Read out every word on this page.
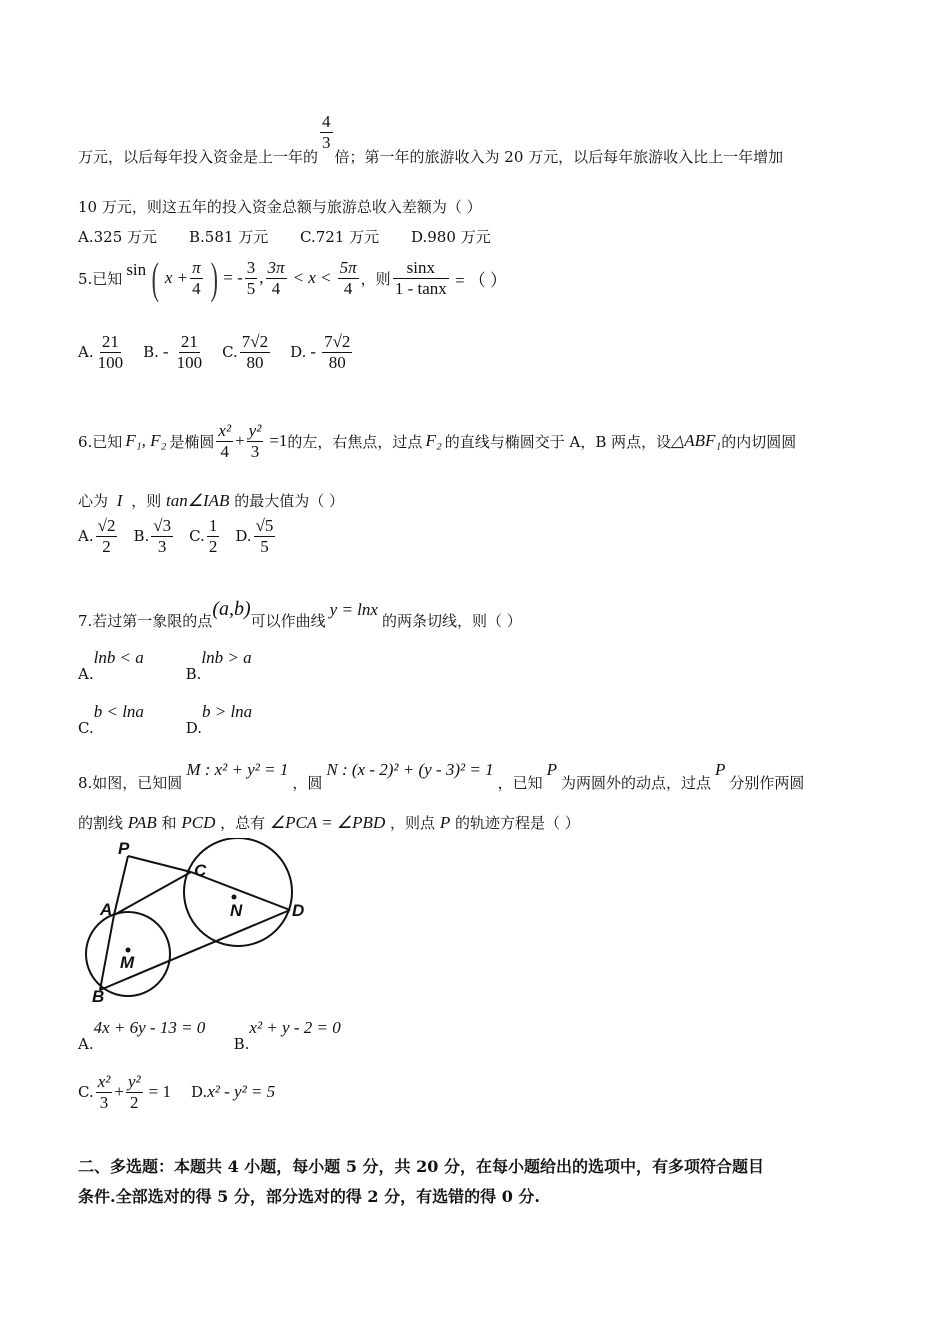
万元，以后每年投入资金是上一年的
$\frac{4}{3}$
倍；第一年的旅游收入为 20 万元，以后每年旅游收入比上一年增加
10 万元，则这五年的投入资金总额与旅游总收入差额为（ ）
A.325 万元 B.581 万元 C.721 万元 D.980 万元
5.已知 sin ( $x + \frac{\pi}{4}$ ) = - $\frac{3}{5}$ , $\frac{3\pi}{4} < x < \frac{5\pi}{4}$ ，则 $\frac{\sin x}{1 - \tan x}$ = （ ）
A. $\frac{21}{100} B$. - $\frac{21}{100} C$. $\frac{7√2}{80} D$. - $\frac{7√2}{80}$
6.已知 F₁, F₂ 是椭圆 $\frac{\text{x²}}{4} + \frac{\text{y²}}{3} =1$ 的左，右焦点，过点 F₂ 的直线与椭圆交于 A，B 两点，设 △ABF₁ 的内切圆圆
心为 I ，则 tan∠IAB 的最大值为（ ）
A. $\frac{√2}{2} B$. $\frac{√3}{3} C$. $\frac{1}{2} D$. $\frac{√5}{5}$
7.若过第一象限的点
(a,b)
可以作曲线
y = lnx
的两条切线，则（ ）
A.lnb < aB.lnb > a
C.b < lnaD.b > lna
8.如图，已知圆
M : x² + y² = 1
，圆
N : (x - 2)² + (y - 3)² = 1
，已知
P
为两圆外的动点，过点
P
分别作两圆
的割线 PAB 和 PCD ，总有 ∠PCA = ∠PBD ，则点 P 的轨迹方程是（ ）
P
C
A	N	D
M
B
A.4x + 6y - 13 = 0B.x² + y - 2 = 0
C. $\frac{\text{x²}}{3} + \frac{\text{y²}}{2} = 1$ D. x² - y² = 5
二、多选题：本题共 4 小题，每小题 5 分，共 20 分，在每小题给出的选项中，有多项符合题目
条件.全部选对的得 5 分，部分选对的得 2 分，有选错的得 0 分.
